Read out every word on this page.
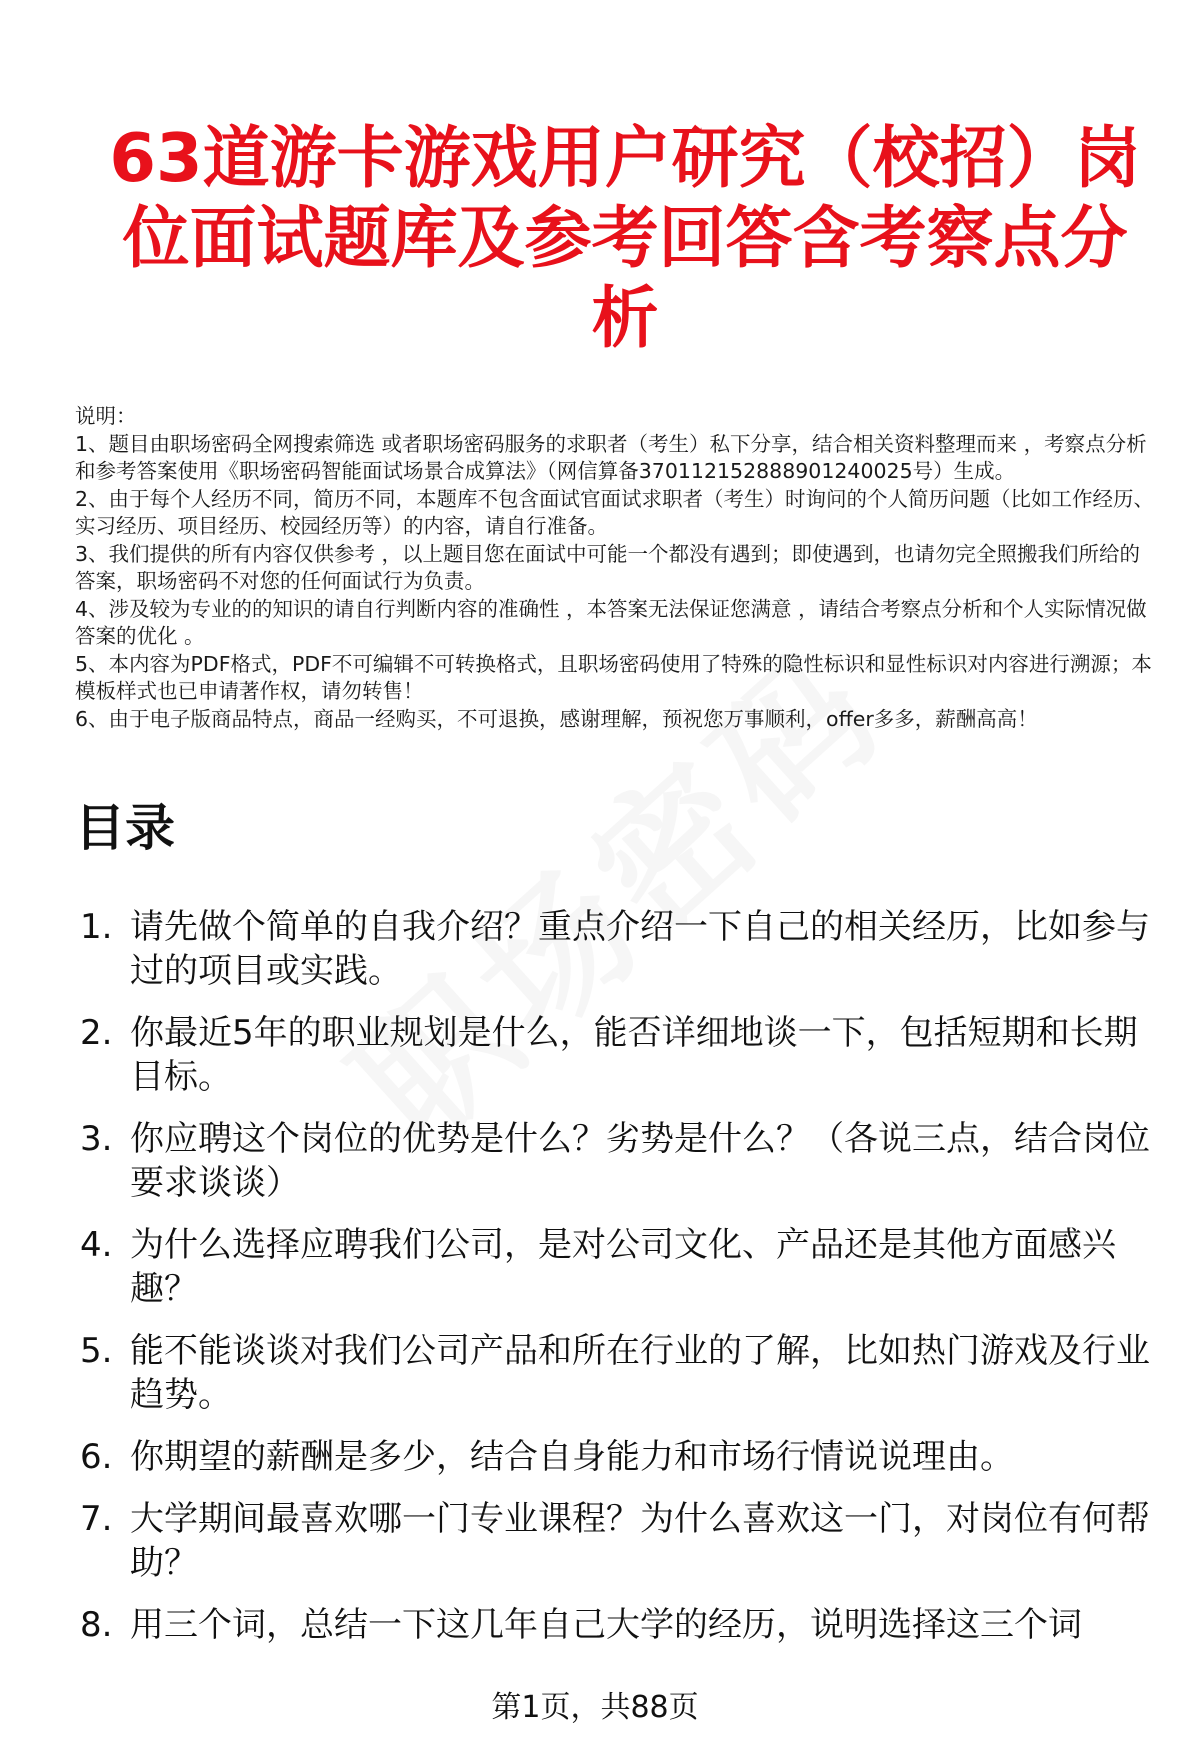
63道游卡游戏用户研究（校招）岗位面试题库及参考回答含考察点分析

说明：

1、题目由职场密码全网搜索筛选 或者职场密码服务的求职者（考生）私下分享，结合相关资料整理而来 ，考察点分析和参考答案使用《职场密码智能面试场景合成算法》（网信算备370112152888901240025号）生成。

2、由于每个人经历不同，简历不同，本题库不包含面试官面试求职者（考生）时询问的个人简历问题（比如工作经历、实习经历、项目经历、校园经历等）的内容，请自行准备。

3、我们提供的所有内容仅供参考 ，以上题目您在面试中可能一个都没有遇到；即使遇到，也请勿完全照搬我们所给的答案，职场密码不对您的任何面试行为负责。

4、涉及较为专业的的知识的请自行判断内容的准确性 ，本答案无法保证您满意 ，请结合考察点分析和个人实际情况做答案的优化 。

5、本内容为PDF格式，PDF不可编辑不可转换格式，且职场密码使用了特殊的隐性标识和显性标识对内容进行溯源；本模板样式也已申请著作权，请勿转售！

6、由于电子版商品特点，商品一经购买，不可退换，感谢理解，预祝您万事顺利，offer多多，薪酬高高！

目录
1. 请先做个简单的自我介绍？重点介绍一下自己的相关经历，比如参与过的项目或实践。
2. 你最近5年的职业规划是什么，能否详细地谈一下，包括短期和长期目标。
3. 你应聘这个岗位的优势是什么？劣势是什么？（各说三点，结合岗位要求谈谈）
4. 为什么选择应聘我们公司，是对公司文化、产品还是其他方面感兴趣？
5. 能不能谈谈对我们公司产品和所在行业的了解，比如热门游戏及行业趋势。
6. 你期望的薪酬是多少，结合自身能力和市场行情说说理由。
7. 大学期间最喜欢哪一门专业课程？为什么喜欢这一门，对岗位有何帮助？
8. 用三个词，总结一下这几年自己大学的经历，说明选择这三个词
第1页，共88页
